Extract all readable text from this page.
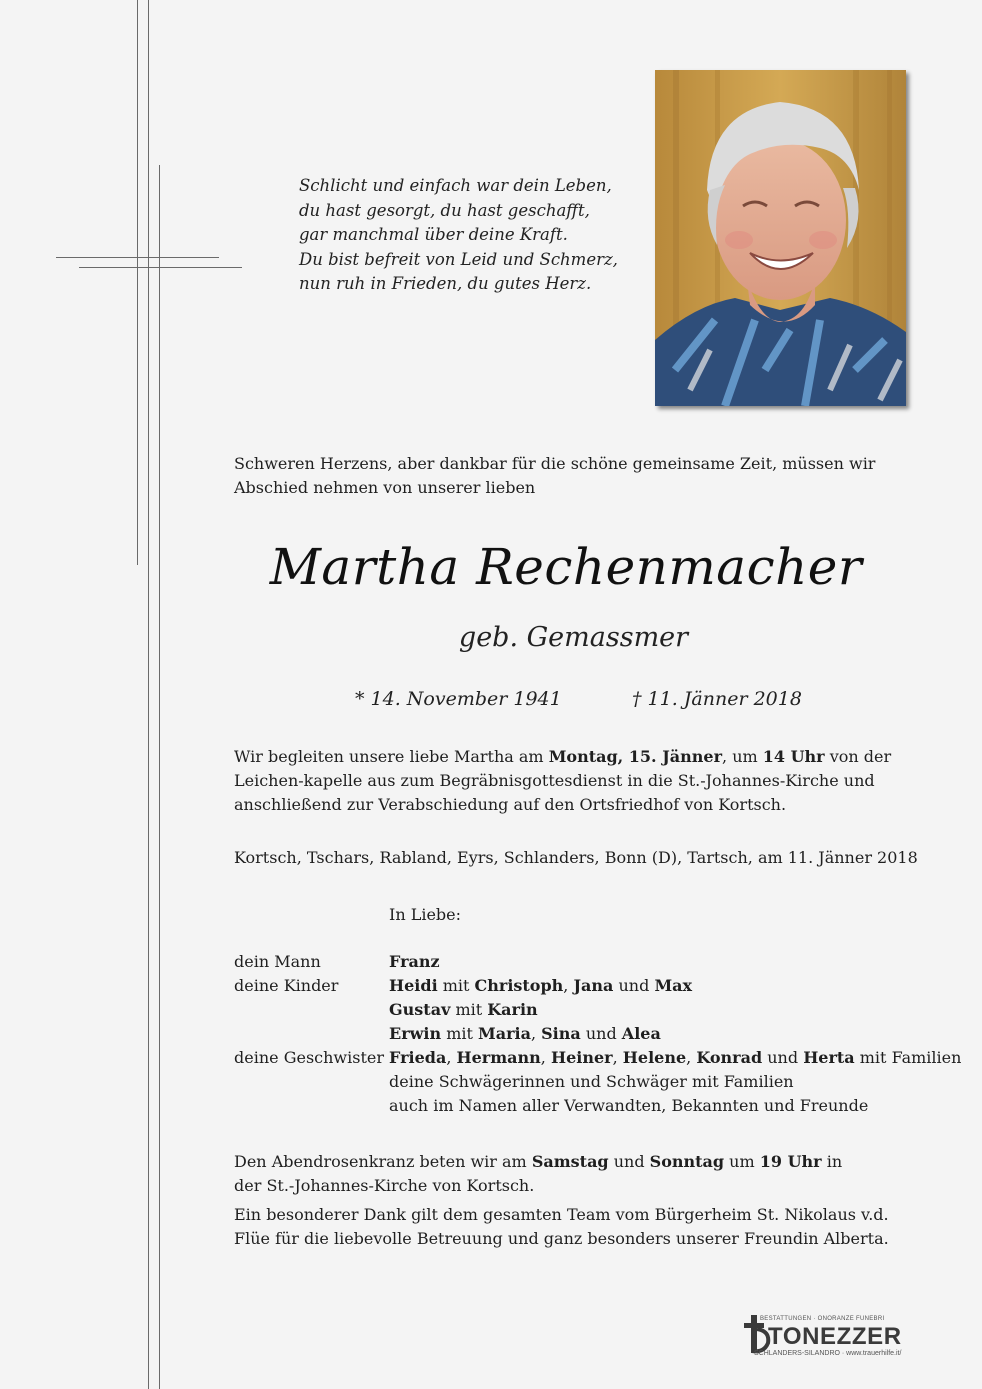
Schlicht und einfach war dein Leben,
du hast gesorgt, du hast geschafft,
gar manchmal über deine Kraft.
Du bist befreit von Leid und Schmerz,
nun ruh in Frieden, du gutes Herz.
Schweren Herzens, aber dankbar für die schöne gemeinsame Zeit, müssen wir Abschied nehmen von unserer lieben
Martha Rechenmacher
geb. Gemassmer
* 14. November 1941	† 11. Jänner 2018
Wir begleiten unsere liebe Martha am Montag, 15. Jänner, um 14 Uhr von der Leichen-kapelle aus zum Begräbnisgottesdienst in die St.-Johannes-Kirche und anschließend zur Verabschiedung auf den Ortsfriedhof von Kortsch.
Kortsch, Tschars, Rabland, Eyrs, Schlanders, Bonn (D), Tartsch, am 11. Jänner 2018
In Liebe:
dein Mann	Franz
deine Kinder	Heidi mit Christoph, Jana und Max
Gustav mit Karin
Erwin mit Maria, Sina und Alea
deine Geschwister Frieda, Hermann, Heiner, Helene, Konrad und Herta mit Familien
deine Schwägerinnen und Schwäger mit Familien
auch im Namen aller Verwandten, Bekannten und Freunde
Den Abendrosenkranz beten wir am Samstag und Sonntag um 19 Uhr in der St.-Johannes-Kirche von Kortsch.
Ein besonderer Dank gilt dem gesamten Team vom Bürgerheim St. Nikolaus v.d. Flüe für die liebevolle Betreuung und ganz besonders unserer Freundin Alberta.
BESTATTUNGEN · ONORANZE FUNEBRI
TONEZZER
SCHLANDERS-SILANDRO · www.trauerhilfe.it/
